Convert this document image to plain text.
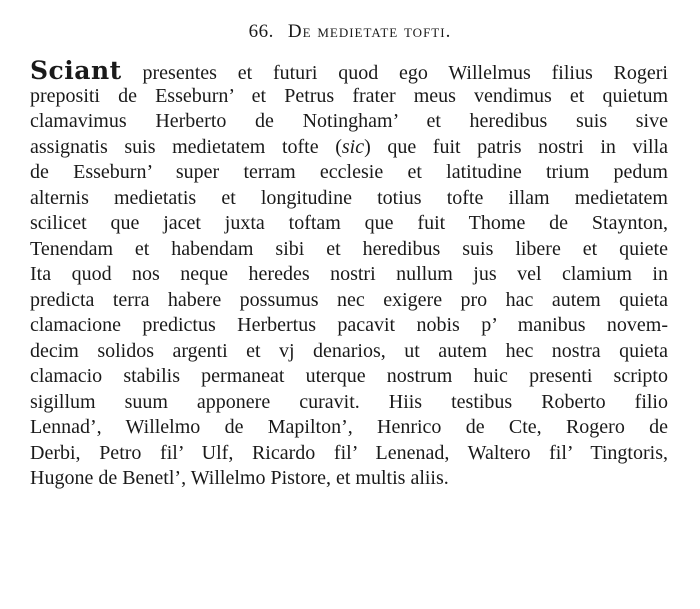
66. De medietate tofti.
Sciant presentes et futuri quod ego Willelmus filius Rogeri
prepositi de Esseburn’ et Petrus frater meus vendimus et quietum
clamavimus Herberto de Notingham’ et heredibus suis sive
assignatis suis medietatem tofte (sic) que fuit patris nostri in villa
de Esseburn’ super terram ecclesie et latitudine trium pedum
alternis medietatis et longitudine totius tofte illam medietatem
scilicet que jacet juxta toftam que fuit Thome de Staynton,
Tenendam et habendam sibi et heredibus suis libere et quiete
Ita quod nos neque heredes nostri nullum jus vel clamium in
predicta terra habere possumus nec exigere pro hac autem quieta
clamacione predictus Herbertus pacavit nobis p’ manibus novem-
decim solidos argenti et vj denarios, ut autem hec nostra quieta
clamacio stabilis permaneat uterque nostrum huic presenti scripto
sigillum suum apponere curavit. Hiis testibus Roberto filio
Lennad’, Willelmo de Mapilton’, Henrico de Cte, Rogero de
Derbi, Petro fil’ Ulf, Ricardo fil’ Lenenad, Waltero fil’ Tingtoris,
Hugone de Benetl’, Willelmo Pistore, et multis aliis.
